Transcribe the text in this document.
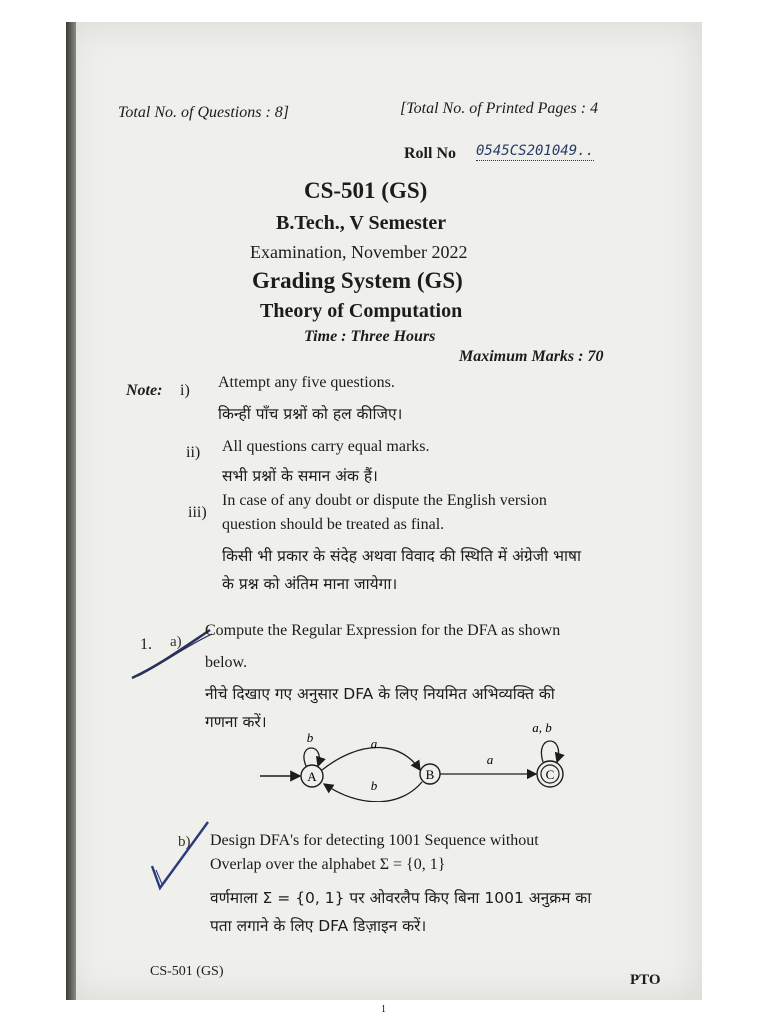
Total No. of Questions : 8]	[Total No. of Printed Pages : 4
Roll No 0545CS201049..
CS-501 (GS)
B.Tech., V Semester
Examination, November 2022
Grading System (GS)
Theory of Computation
Time : Three Hours
Maximum Marks : 70
Note: i) Attempt any five questions.
किन्हीं पाँच प्रश्नों को हल कीजिए।
ii) All questions carry equal marks.
सभी प्रश्नों के समान अंक हैं।
iii)
In case of any doubt or dispute the English version
question should be treated as final.
किसी भी प्रकार के संदेह अथवा विवाद की स्थिति में अंग्रेजी भाषा
के प्रश्न को अंतिम माना जायेगा।
1. a)
Compute the Regular Expression for the DFA as shown
below.
नीचे दिखाए गए अनुसार DFA के लिए नियमित अभिव्यक्ति की
गणना करें।
A
b	a
b
B
a
C
a, b
b) Design DFA's for detecting 1001 Sequence without
Overlap over the alphabet Σ = {0, 1}
वर्णमाला Σ = {0, 1} पर ओवरलैप किए बिना 1001 अनुक्रम का
पता लगाने के लिए DFA डिज़ाइन करें।
CS-501 (GS)
PTO
1
